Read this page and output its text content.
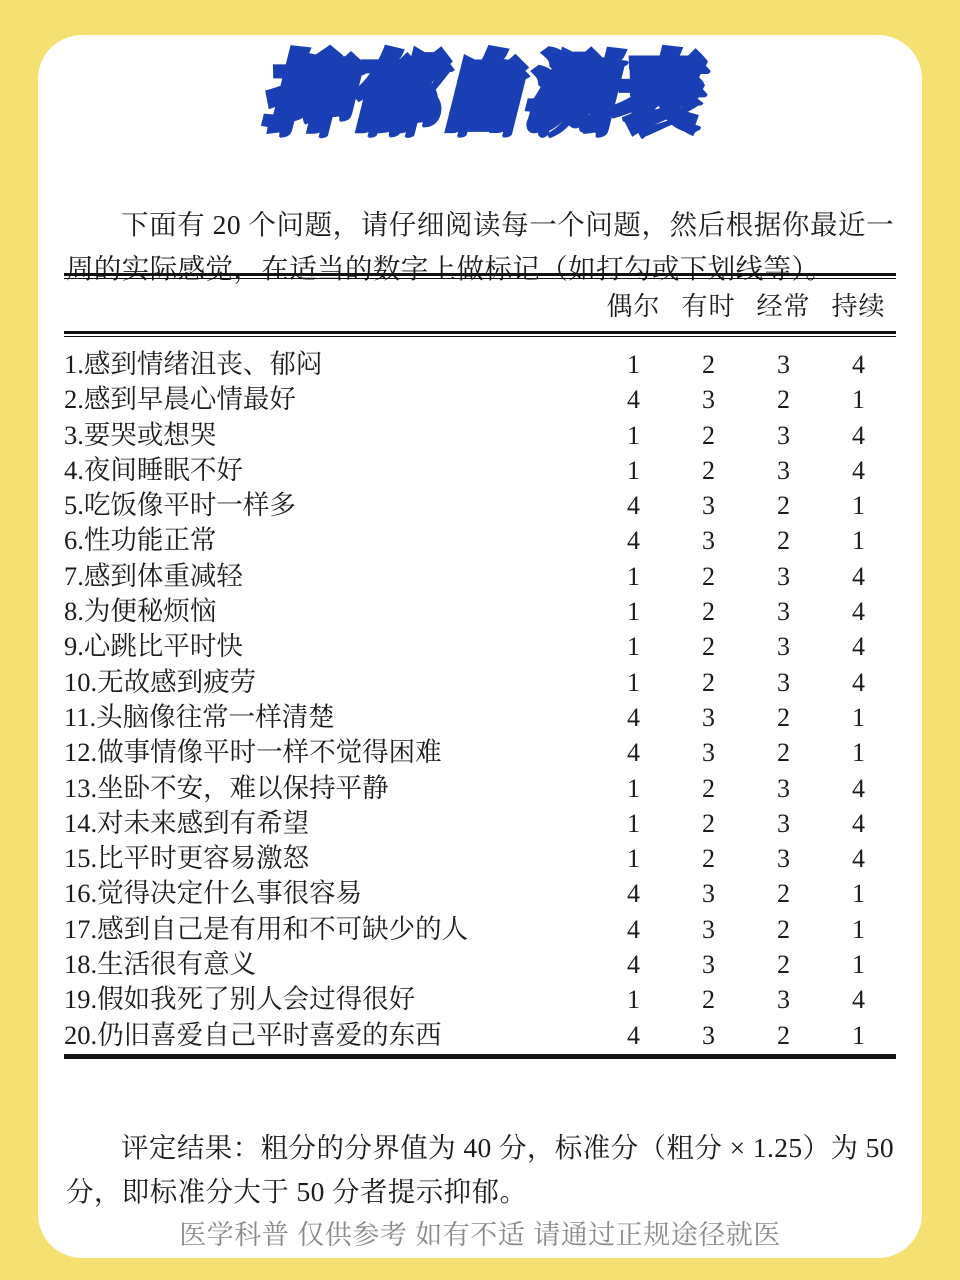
抑郁自测表

下面有 20 个问题，请仔细阅读每一个问题，然后根据你最近一周的实际感觉，在适当的数字上做标记（如打勾或下划线等）。

偶尔 有时 经常 持续
1.感到情绪沮丧、郁闷	1	2	3	4
2.感到早晨心情最好	4	3	2	1
3.要哭或想哭	1	2	3	4
4.夜间睡眠不好	1	2	3	4
5.吃饭像平时一样多	4	3	2	1
6.性功能正常	4	3	2	1
7.感到体重减轻	1	2	3	4
8.为便秘烦恼	1	2	3	4
9.心跳比平时快	1	2	3	4
10.无故感到疲劳	1	2	3	4
11.头脑像往常一样清楚	4	3	2	1
12.做事情像平时一样不觉得困难	4	3	2	1
13.坐卧不安，难以保持平静	1	2	3	4
14.对未来感到有希望	1	2	3	4
15.比平时更容易激怒	1	2	3	4
16.觉得决定什么事很容易	4	3	2	1
17.感到自己是有用和不可缺少的人	4	3	2	1
18.生活很有意义	4	3	2	1
19.假如我死了别人会过得很好	1	2	3	4
20.仍旧喜爱自己平时喜爱的东西	4	3	2	1

评定结果：粗分的分界值为 40 分，标准分（粗分 × 1.25）为 50 分，即标准分大于 50 分者提示抑郁。

医学科普 仅供参考 如有不适 请通过正规途径就医
